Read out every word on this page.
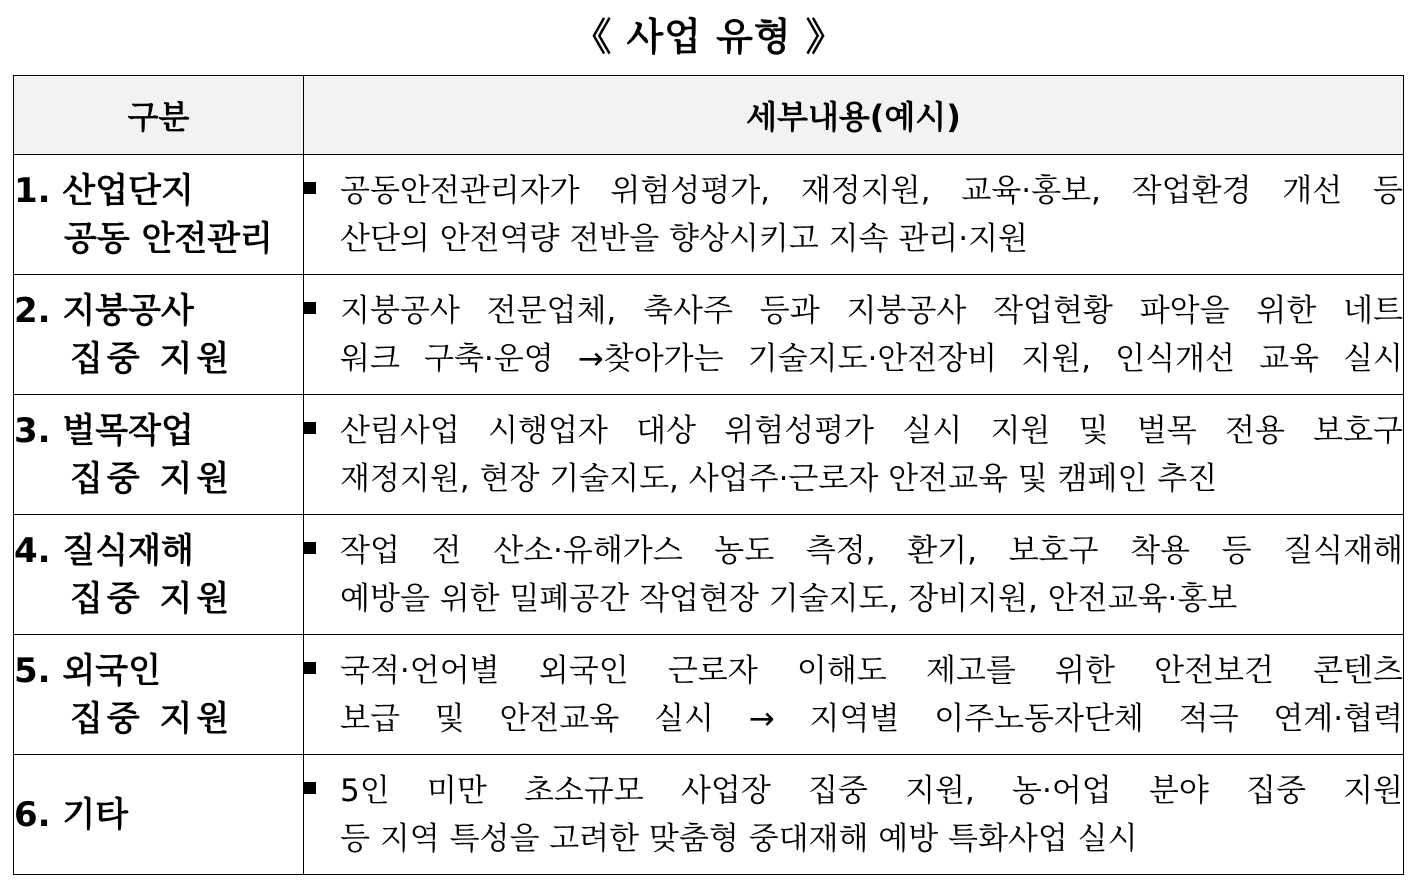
《 사업 유형 》
구분	세부내용(예시)

1. 산업단지
공동 안전관리	공동안전관리자가 위험성평가, 재정지원, 교육·홍보, 작업환경 개선 등
산단의 안전역량 전반을 향상시키고 지속 관리·지원

2. 지붕공사
집중 지원	지붕공사 전문업체, 축사주 등과 지붕공사 작업현황 파악을 위한 네트
워크 구축·운영 →찾아가는 기술지도·안전장비 지원, 인식개선 교육 실시

3. 벌목작업
집중 지원	산림사업 시행업자 대상 위험성평가 실시 지원 및 벌목 전용 보호구
재정지원, 현장 기술지도, 사업주·근로자 안전교육 및 캠페인 추진

4. 질식재해
집중 지원	작업 전 산소·유해가스 농도 측정, 환기, 보호구 착용 등 질식재해
예방을 위한 밀폐공간 작업현장 기술지도, 장비지원, 안전교육·홍보

5. 외국인
집중 지원	국적·언어별 외국인 근로자 이해도 제고를 위한 안전보건 콘텐츠
보급 및 안전교육 실시 → 지역별 이주노동자단체 적극 연계·협력

6. 기타	5인 미만 초소규모 사업장 집중 지원, 농·어업 분야 집중 지원
등 지역 특성을 고려한 맞춤형 중대재해 예방 특화사업 실시
